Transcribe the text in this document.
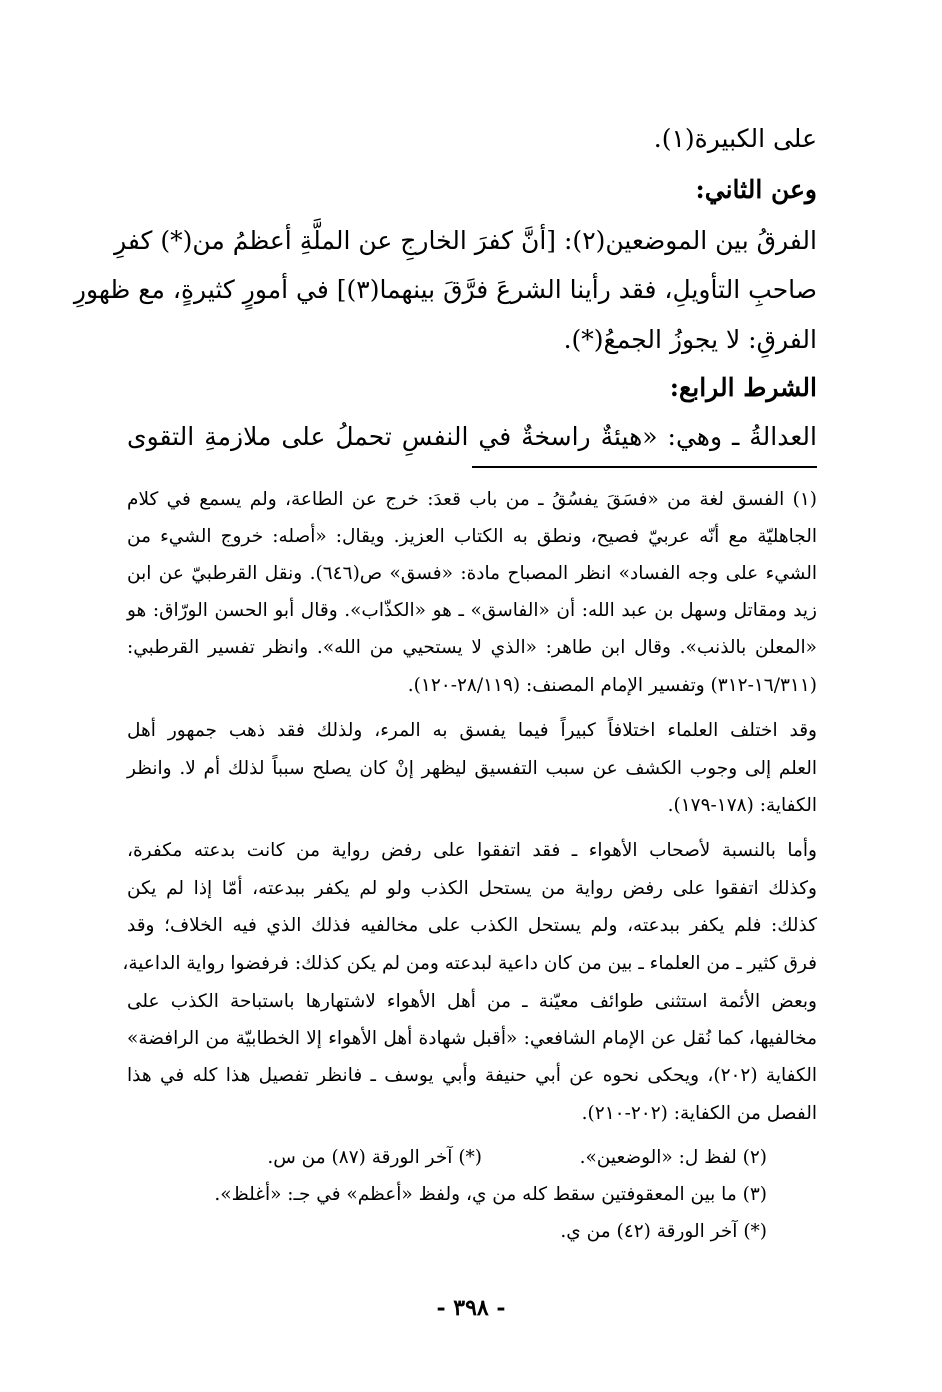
على الكبيرة(١).
وعن الثاني:
الفرقُ بين الموضعين(٢): [أنَّ كفرَ الخارجِ عن الملَّةِ أعظمُ من(*) كفرِ
صاحبِ التأويلِ، فقد رأينا الشرعَ فرَّقَ بينهما(٣)] في أمورٍ كثيرةٍ، مع ظهورِ
الفرقِ: لا يجوزُ الجمعُ(*).
الشرط الرابع:
العدالةُ ـ وهي: «هيئةٌ راسخةٌ في النفسِ تحملُ على ملازمةِ التقوى
(١) الفسق لغة من «فسَقَ يفسُقُ ـ من باب قعدَ: خرج عن الطاعة، ولم يسمع في كلام
الجاهليّة مع أنّه عربيّ فصيح، ونطق به الكتاب العزيز. ويقال: «أصله: خروج الشيء من
الشيء على وجه الفساد» انظر المصباح مادة: «فسق» ص(٦٤٦). ونقل القرطبيّ عن ابن
زيد ومقاتل وسهل بن عبد الله: أن «الفاسق» ـ هو «الكذّاب». وقال أبو الحسن الورّاق: هو
«المعلن بالذنب». وقال ابن طاهر: «الذي لا يستحيي من الله». وانظر تفسير القرطبي:
(١٦/٣١١-٣١٢) وتفسير الإمام المصنف: (٢٨/١١٩-١٢٠).
وقد اختلف العلماء اختلافاً كبيراً فيما يفسق به المرء، ولذلك فقد ذهب جمهور أهل
العلم إلى وجوب الكشف عن سبب التفسيق ليظهر إنْ كان يصلح سبباً لذلك أم لا. وانظر
الكفاية: (١٧٨-١٧٩).
وأما بالنسبة لأصحاب الأهواء ـ فقد اتفقوا على رفض رواية من كانت بدعته مكفرة،
وكذلك اتفقوا على رفض رواية من يستحل الكذب ولو لم يكفر ببدعته، أمّا إذا لم يكن
كذلك: فلم يكفر ببدعته، ولم يستحل الكذب على مخالفيه فذلك الذي فيه الخلاف؛ وقد
فرق كثير ـ من العلماء ـ بين من كان داعية لبدعته ومن لم يكن كذلك: فرفضوا رواية الداعية،
وبعض الأئمة استثنى طوائف معيّنة ـ من أهل الأهواء لاشتهارها باستباحة الكذب على
مخالفيها، كما نُقل عن الإمام الشافعي: «أقبل شهادة أهل الأهواء إلا الخطابيّة من الرافضة»
الكفاية (٢٠٢)، ويحكى نحوه عن أبي حنيفة وأبي يوسف ـ فانظر تفصيل هذا كله في هذا
الفصل من الكفاية: (٢٠٢-٢١٠).
(٢) لفظ ل: «الوضعين».
(*) آخر الورقة (٨٧) من س.
(٣) ما بين المعقوفتين سقط كله من ي، ولفظ «أعظم» في جـ: «أغلظ».
(*) آخر الورقة (٤٢) من ي.
- ٣٩٨ -
